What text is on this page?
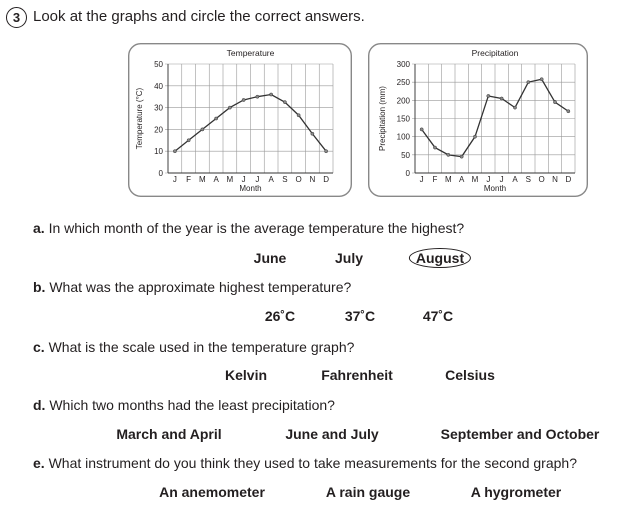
3 Look at the graphs and circle the correct answers.
0
10
20
30
40
50
J F M A M J J A S O N D
Temperature
Month
Temperature (°C)
0
50
100
150
200
250
300
J F M A M J J A S O N D
Precipitation
Month
Precipitation (mm)
a. In which month of the year is the average temperature the highest?
June	July	August
b. What was the approximate highest temperature?
26˚C	37˚C	47˚C
c. What is the scale used in the temperature graph?
Kelvin	Fahrenheit	Celsius
d. Which two months had the least precipitation?
March and April	June and July	September and October
e. What instrument do you think they used to take measurements for the second graph?
An anemometer	A rain gauge	A hygrometer
